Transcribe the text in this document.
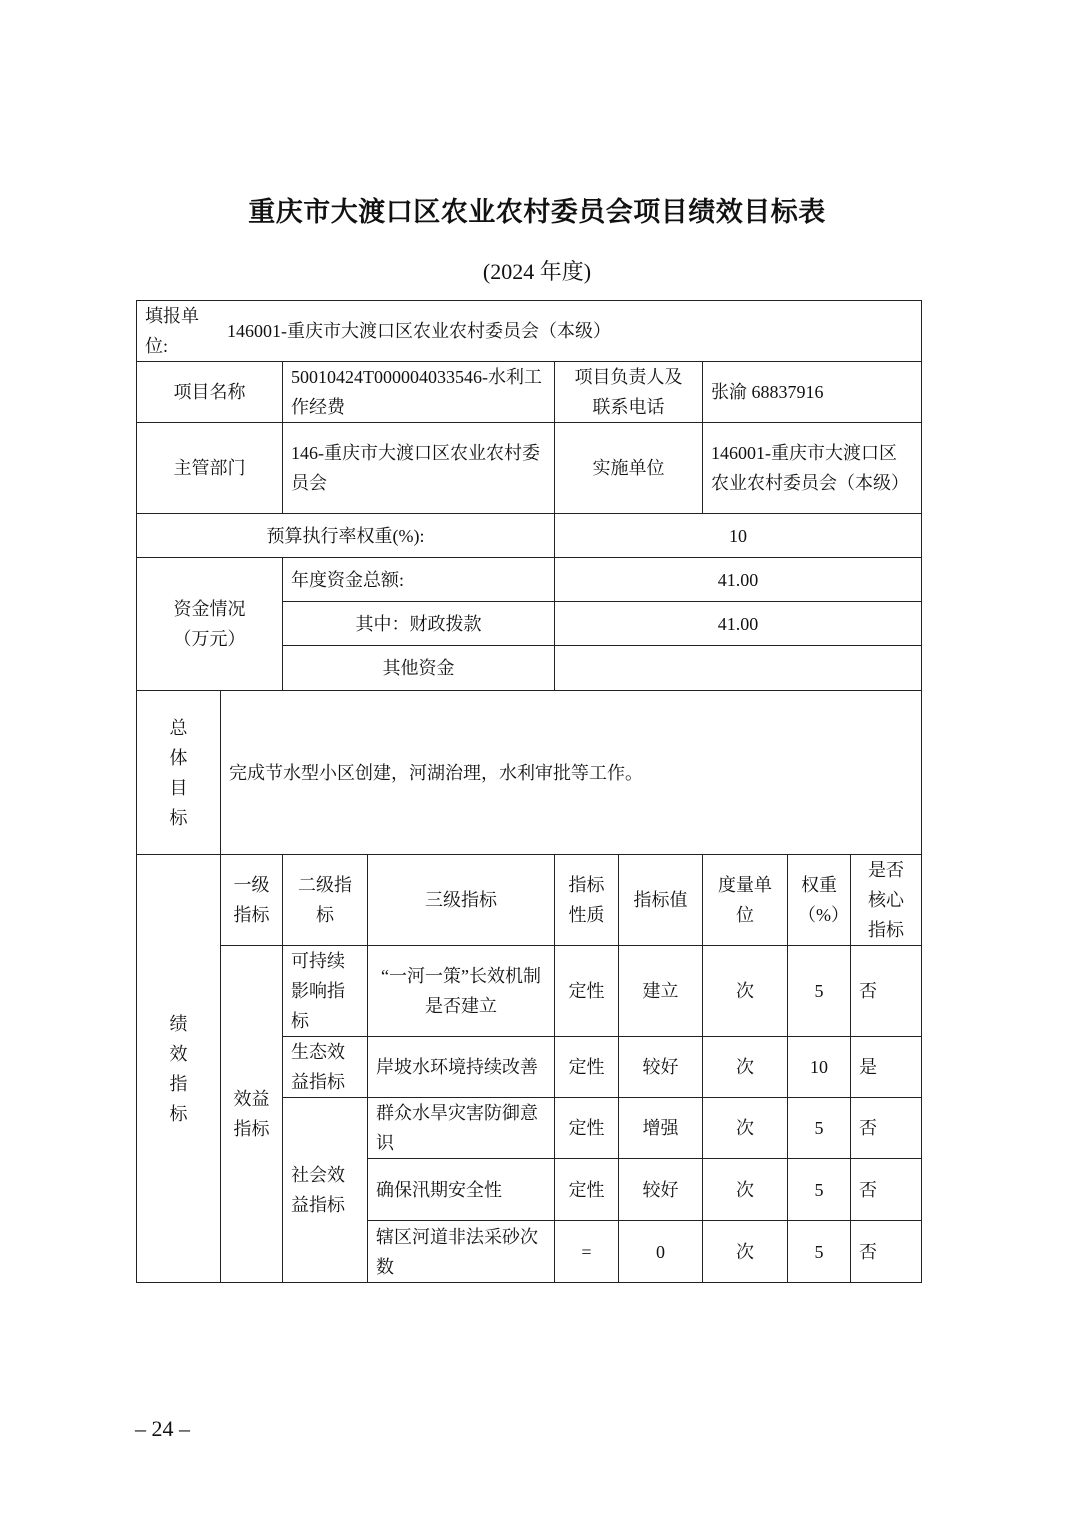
重庆市大渡口区农业农村委员会项目绩效目标表
(2024 年度)
填报单位:
146001-重庆市大渡口区农业农村委员会（本级）								

项目名称		50010424T000004033546-水利工作经费		项目负责人及联系电话		张渝 68837916		
主管部门		146-重庆市大渡口区农业农村委员会		实施单位		146001-重庆市大渡口区农业农村委员会（本级）		
预算执行率权重(%):				10				
资金情况（万元）		年度资金总额:		41.00				
		其中：财政拨款		41.00				
		其他资金						

总体目标	完成节水型小区创建，河湖治理，水利审批等工作。							

绩效指标	一级指标	二级指标	三级指标	指标性质	指标值	度量单位	权重（%）	是否核心指标
	效益指标	可持续影响指标	“一河一策”长效机制是否建立	定性	建立	次	5	否
		生态效益指标	岸坡水环境持续改善	定性	较好	次	10	是
		社会效益指标	群众水旱灾害防御意识	定性	增强	次	5	否
			确保汛期安全性	定性	较好	次	5	否
			辖区河道非法采砂次数	=	0	次	5	否
– 24 –
